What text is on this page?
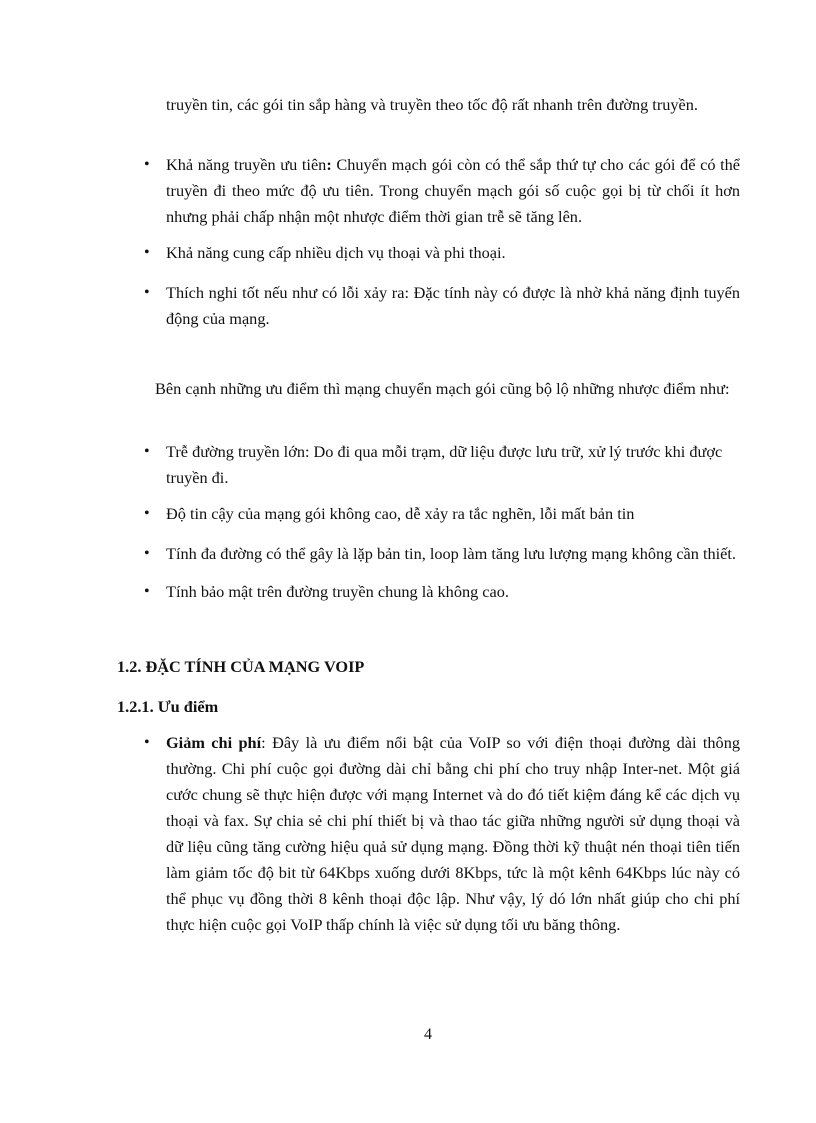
truyền tin, các gói tin sắp hàng và truyền theo tốc độ rất nhanh trên đường truyền.

• Khả năng truyền ưu tiên: Chuyển mạch gói còn có thể sắp thứ tự cho các gói để có thể truyền đi theo mức độ ưu tiên. Trong chuyển mạch gói số cuộc gọi bị từ chối ít hơn nhưng phải chấp nhận một nhược điểm thời gian trễ sẽ tăng lên.
• Khả năng cung cấp nhiều dịch vụ thoại và phi thoại.
• Thích nghi tốt nếu như có lỗi xảy ra: Đặc tính này có được là nhờ khả năng định tuyến động của mạng.

Bên cạnh những ưu điểm thì mạng chuyển mạch gói cũng bộ lộ những nhược điểm như:

• Trễ đường truyền lớn: Do đi qua mỗi trạm, dữ liệu được lưu trữ, xử lý trước khi được truyền đi.
• Độ tin cậy của mạng gói không cao, dễ xảy ra tắc nghẽn, lỗi mất bản tin
• Tính đa đường có thể gây là lặp bản tin, loop làm tăng lưu lượng mạng không cần thiết.
• Tính bảo mật trên đường truyền chung là không cao.
1.2. ĐẶC TÍNH CỦA MẠNG VOIP
1.2.1. Ưu điểm
• Giảm chi phí: Đây là ưu điểm nổi bật của VoIP so với điện thoại đường dài thông thường. Chi phí cuộc gọi đường dài chỉ bằng chi phí cho truy nhập Inter-net. Một giá cước chung sẽ thực hiện được với mạng Internet và do đó tiết kiệm đáng kể các dịch vụ thoại và fax. Sự chia sẻ chi phí thiết bị và thao tác giữa những người sử dụng thoại và dữ liệu cũng tăng cường hiệu quả sử dụng mạng. Đồng thời kỹ thuật nén thoại tiên tiến làm giảm tốc độ bit từ 64Kbps xuống dưới 8Kbps, tức là một kênh 64Kbps lúc này có thể phục vụ đồng thời 8 kênh thoại độc lập. Như vậy, lý dó lớn nhất giúp cho chi phí thực hiện cuộc gọi VoIP thấp chính là việc sử dụng tối ưu băng thông.
4
